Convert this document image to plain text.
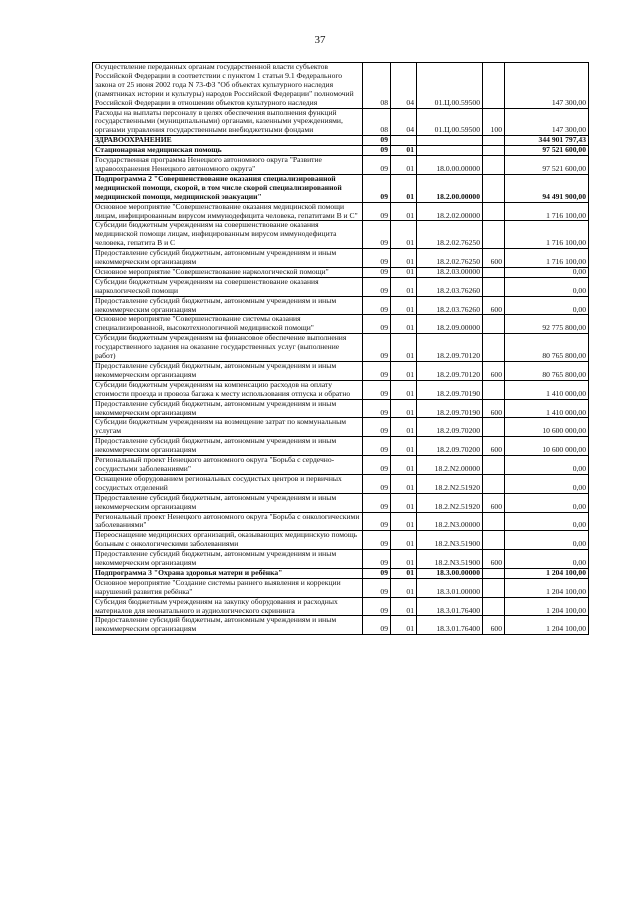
37
Осуществление переданных органам государственной власти субъектов Российской Федерации в соответствии с пунктом 1 статьи 9.1 Федерального закона от 25 июня 2002 года N 73-ФЗ "Об объектах культурного наследия (памятниках истории и культуры) народов Российской Федерации" полномочий Российской Федерации в отношении объектов культурного наследия	08	04	01.Ц.00.59500		147 300,00
Расходы на выплаты персоналу в целях обеспечения выполнения функций государственными (муниципальными) органами, казенными учреждениями, органами управления государственными внебюджетными фондами	08	04	01.Ц.00.59500	100	147 300,00
ЗДРАВООХРАНЕНИЕ	09				344 901 797,43
Стационарная медицинская помощь	09	01			97 521 600,00
Государственная программа Ненецкого автономного округа "Развитие здравоохранения Ненецкого автономного округа"	09	01	18.0.00.00000		97 521 600,00
Подпрограмма 2 "Совершенствование оказания специализированной медицинской помощи, скорой, в том числе скорой специализированной медицинской помощи, медицинской эвакуации"	09	01	18.2.00.00000		94 491 900,00
Основное мероприятие "Совершенствование оказания медицинской помощи лицам, инфицированным вирусом иммунодефицита человека, гепатитами B и C"	09	01	18.2.02.00000		1 716 100,00
Субсидии бюджетным учреждениям на совершенствование оказания медицинской помощи лицам, инфицированным вирусом иммунодефицита человека, гепатита B и C	09	01	18.2.02.76250		1 716 100,00
Предоставление субсидий бюджетным, автономным учреждениям и иным некоммерческим организациям	09	01	18.2.02.76250	600	1 716 100,00
Основное мероприятие "Совершенствование наркологической помощи"	09	01	18.2.03.00000		0,00
Субсидии бюджетным учреждениям на совершенствование оказания наркологической помощи	09	01	18.2.03.76260		0,00
Предоставление субсидий бюджетным, автономным учреждениям и иным некоммерческим организациям	09	01	18.2.03.76260	600	0,00
Основное мероприятие "Совершенствование системы оказания специализированной, высокотехнологичной медицинской помощи"	09	01	18.2.09.00000		92 775 800,00
Субсидии бюджетным учреждениям на финансовое обеспечение выполнения государственного задания на оказание государственных услуг (выполнение работ)	09	01	18.2.09.70120		80 765 800,00
Предоставление субсидий бюджетным, автономным учреждениям и иным некоммерческим организациям	09	01	18.2.09.70120	600	80 765 800,00
Субсидии бюджетным учреждениям на компенсацию расходов на оплату стоимости проезда и провоза багажа к месту использования отпуска и обратно	09	01	18.2.09.70190		1 410 000,00
Предоставление субсидий бюджетным, автономным учреждениям и иным некоммерческим организациям	09	01	18.2.09.70190	600	1 410 000,00
Субсидии бюджетным учреждениям на возмещение затрат по коммунальным услугам	09	01	18.2.09.70200		10 600 000,00
Предоставление субсидий бюджетным, автономным учреждениям и иным некоммерческим организациям	09	01	18.2.09.70200	600	10 600 000,00
Региональный проект Ненецкого автономного округа "Борьба с сердечно-сосудистыми заболеваниями"	09	01	18.2.N2.00000		0,00
Оснащение оборудованием региональных сосудистых центров и первичных сосудистых отделений	09	01	18.2.N2.51920		0,00
Предоставление субсидий бюджетным, автономным учреждениям и иным некоммерческим организациям	09	01	18.2.N2.51920	600	0,00
Региональный проект Ненецкого автономного округа "Борьба с онкологическими заболеваниями"	09	01	18.2.N3.00000		0,00
Переоснащение медицинских организаций, оказывающих медицинскую помощь больным с онкологическими заболеваниями	09	01	18.2.N3.51900		0,00
Предоставление субсидий бюджетным, автономным учреждениям и иным некоммерческим организациям	09	01	18.2.N3.51900	600	0,00
Подпрограмма 3 "Охрана здоровья матери и ребёнка"	09	01	18.3.00.00000		1 204 100,00
Основное мероприятие "Создание системы раннего выявления и коррекции нарушений развития ребёнка"	09	01	18.3.01.00000		1 204 100,00
Субсидия бюджетным учреждениям на закупку оборудования и расходных материалов для неонатального и аудиологического скрининга	09	01	18.3.01.76400		1 204 100,00
Предоставление субсидий бюджетным, автономным учреждениям и иным некоммерческим организациям	09	01	18.3.01.76400	600	1 204 100,00
